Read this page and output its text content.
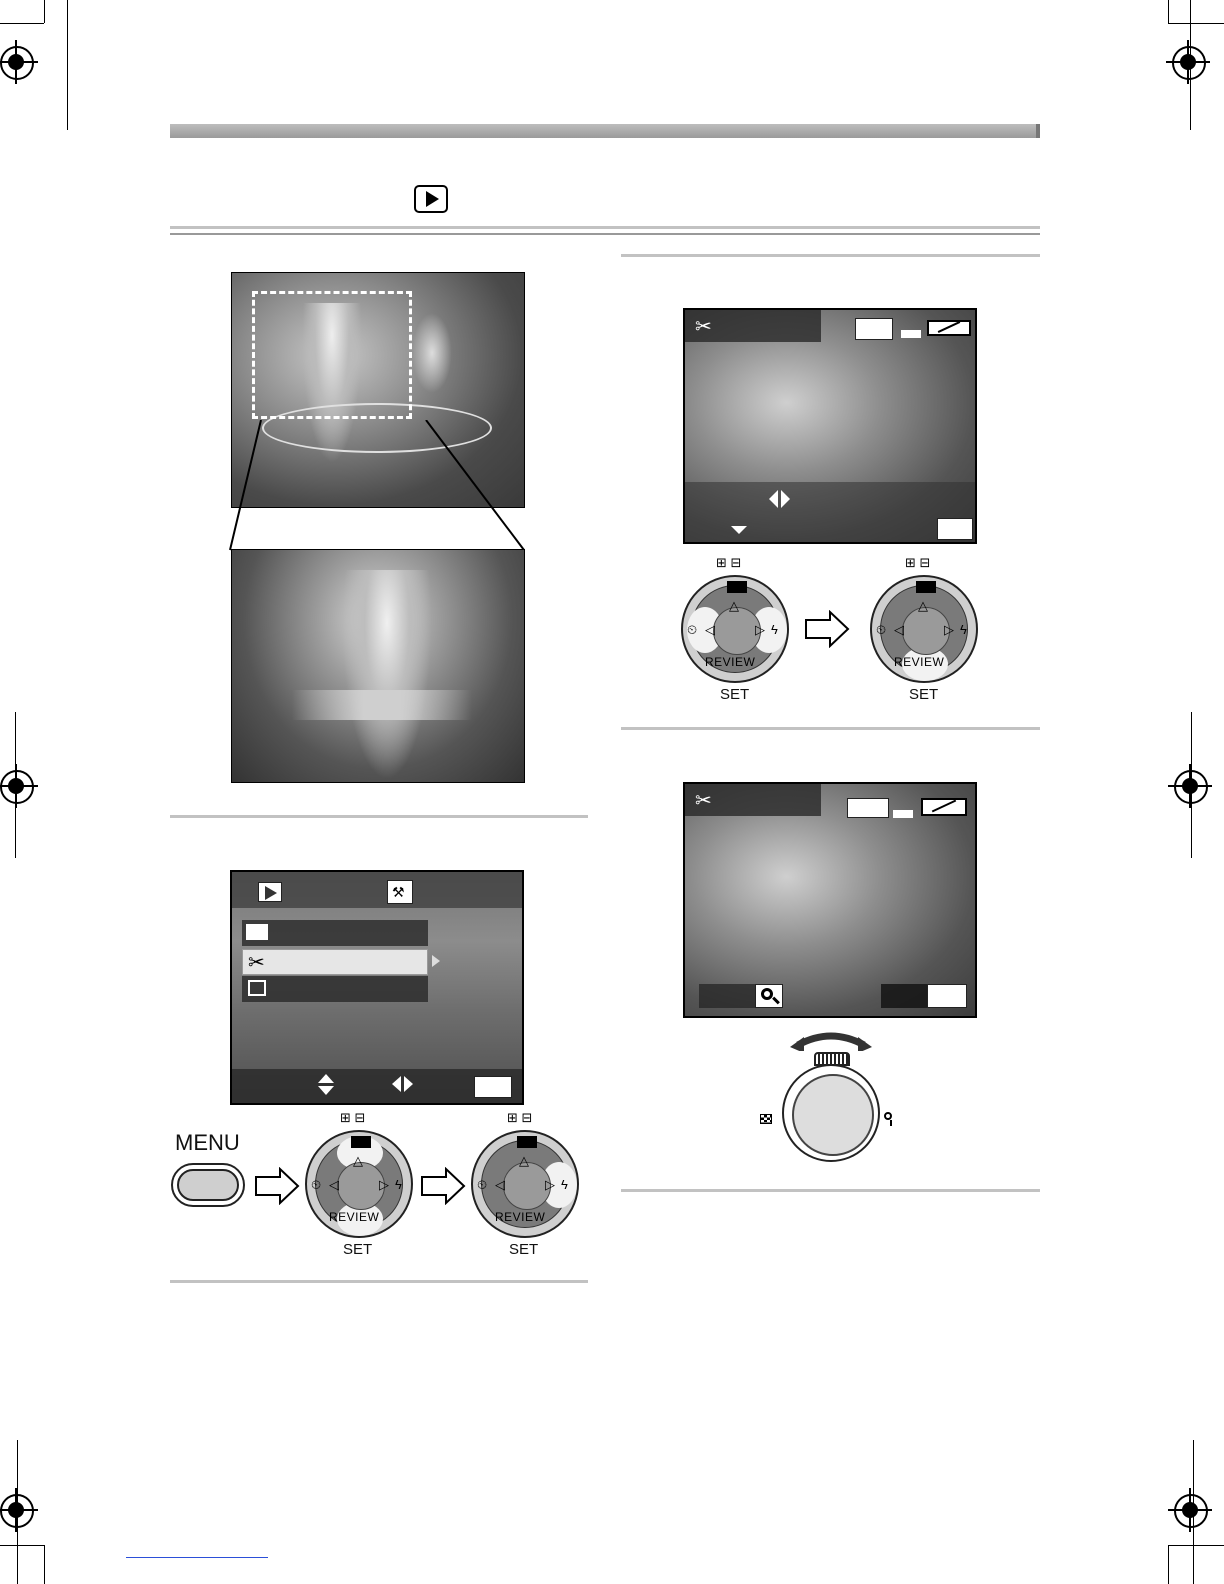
⚒
✂
MENU
⊞ ⊟
△
◁	▷ ϟ
⏲
REVIEW
SET
⊞ ⊟
△
◁	▷ ϟ
⏲
REVIEW
SET
✂
⊞ ⊟
△
◁	▷ ϟ
⏲
REVIEW
SET
⊞ ⊟
△
◁	▷ ϟ
⏲
REVIEW
SET
✂
